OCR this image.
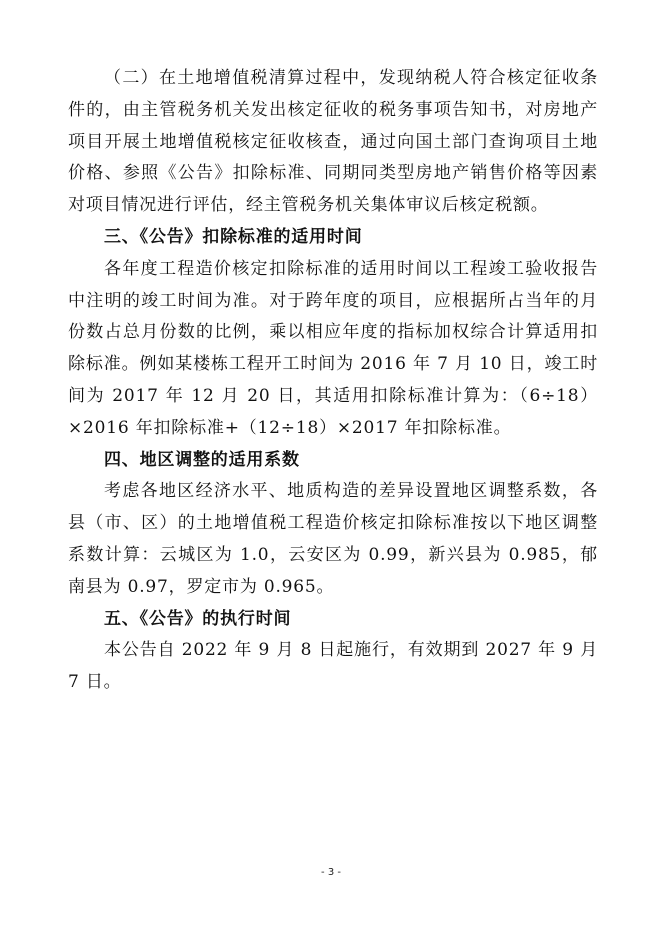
（二）在土地增值税清算过程中，发现纳税人符合核定征收条件的，由主管税务机关发出核定征收的税务事项告知书，对房地产项目开展土地增值税核定征收核查，通过向国土部门查询项目土地价格、参照《公告》扣除标准、同期同类型房地产销售价格等因素对项目情况进行评估，经主管税务机关集体审议后核定税额。

三、《公告》扣除标准的适用时间

各年度工程造价核定扣除标准的适用时间以工程竣工验收报告中注明的竣工时间为准。对于跨年度的项目，应根据所占当年的月份数占总月份数的比例，乘以相应年度的指标加权综合计算适用扣除标准。例如某楼栋工程开工时间为 2016 年 7 月 10 日，竣工时间为 2017 年 12 月 20 日，其适用扣除标准计算为：（6÷18）×2016 年扣除标准+（12÷18）×2017 年扣除标准。

四、地区调整的适用系数

考虑各地区经济水平、地质构造的差异设置地区调整系数，各县（市、区）的土地增值税工程造价核定扣除标准按以下地区调整系数计算：云城区为 1.0，云安区为 0.99，新兴县为 0.985，郁南县为 0.97，罗定市为 0.965。

五、《公告》的执行时间

本公告自 2022 年 9 月 8 日起施行，有效期到 2027 年 9 月 7 日。

- 3 -
